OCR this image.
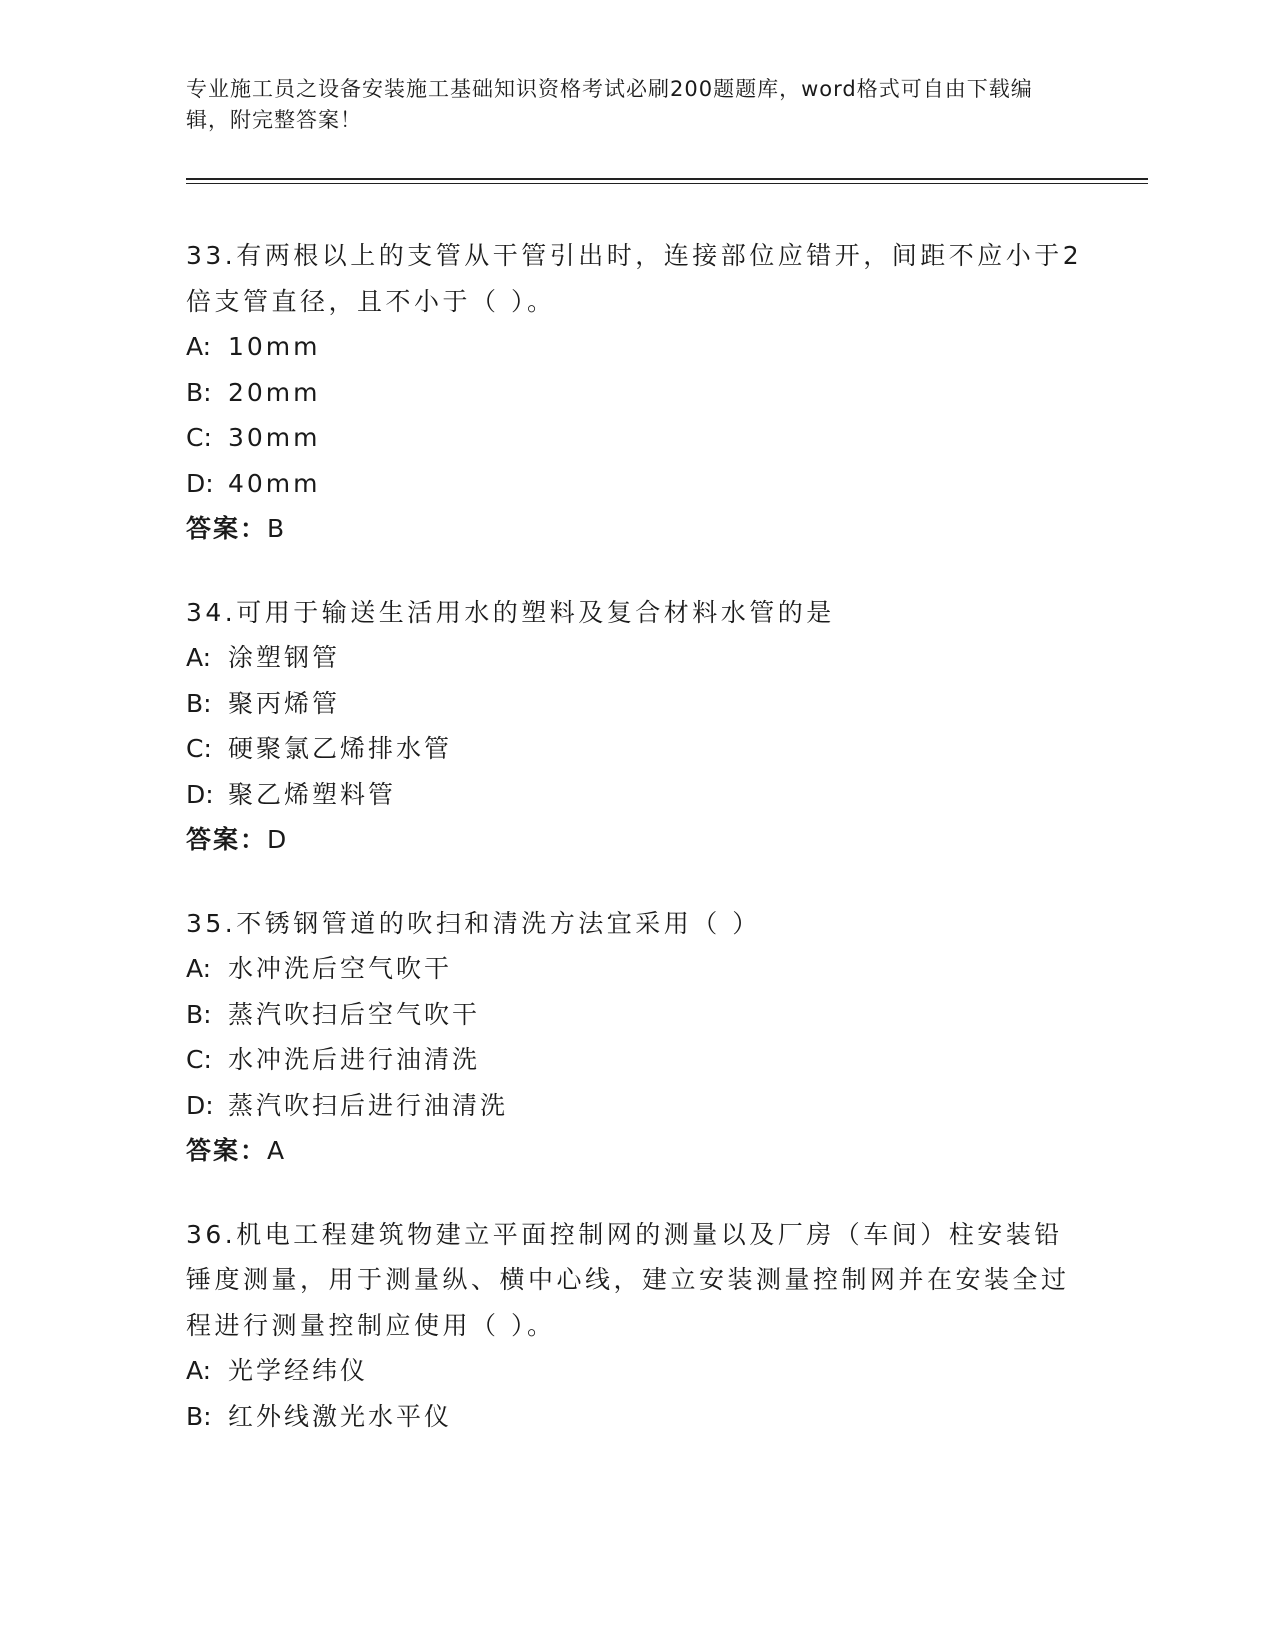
专业施工员之设备安装施工基础知识资格考试必刷200题题库，word格式可自由下载编辑，附完整答案！

33.有两根以上的支管从干管引出时，连接部位应错开，间距不应小于2倍支管直径，且不小于（ ）。

A: 10mm

B: 20mm

C: 30mm

D: 40mm

答案：B

34.可用于输送生活用水的塑料及复合材料水管的是

A: 涂塑钢管

B: 聚丙烯管

C: 硬聚氯乙烯排水管

D: 聚乙烯塑料管

答案：D

35.不锈钢管道的吹扫和清洗方法宜采用（ ）

A: 水冲洗后空气吹干

B: 蒸汽吹扫后空气吹干

C: 水冲洗后进行油清洗

D: 蒸汽吹扫后进行油清洗

答案：A

36.机电工程建筑物建立平面控制网的测量以及厂房（车间）柱安装铅锤度测量，用于测量纵、横中心线，建立安装测量控制网并在安装全过程进行测量控制应使用（ ）。

A: 光学经纬仪

B: 红外线激光水平仪
